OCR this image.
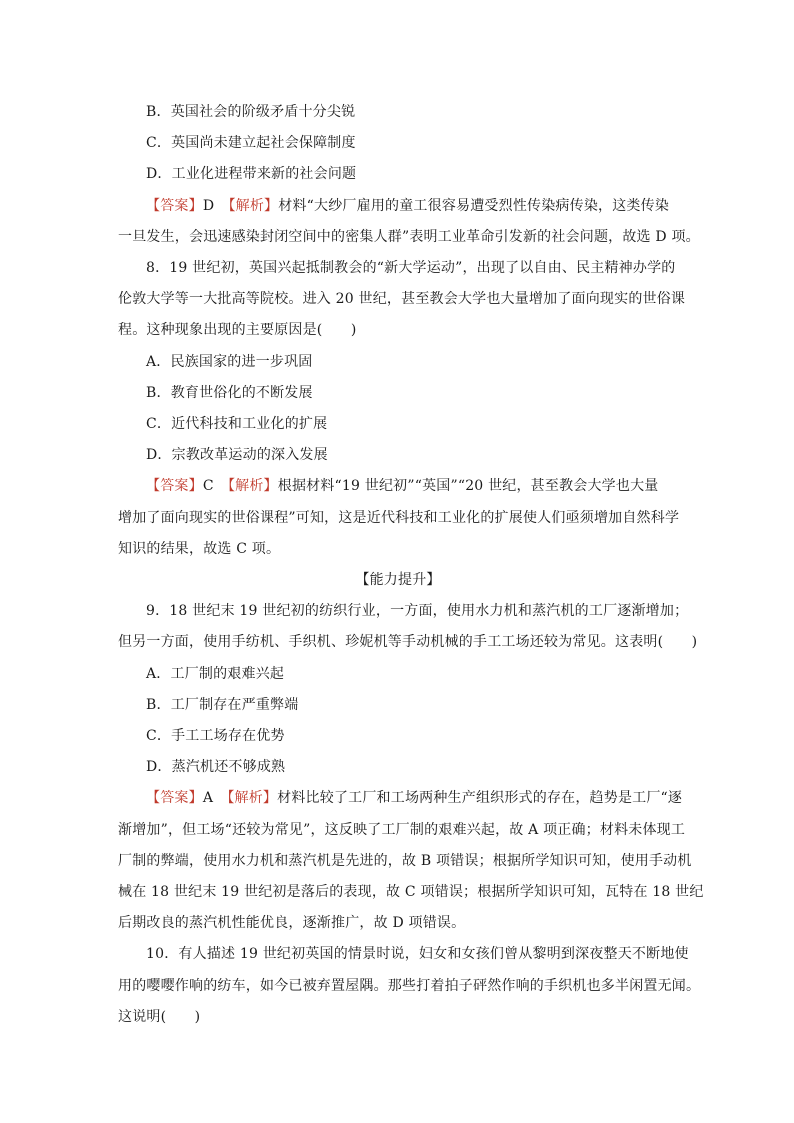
B．英国社会的阶级矛盾十分尖锐
C．英国尚未建立起社会保障制度
D．工业化进程带来新的社会问题
【答案】D　 【解析】材料“大纱厂雇用的童工很容易遭受烈性传染病传染，这类传染
一旦发生，会迅速感染封闭空间中的密集人群”表明工业革命引发新的社会问题，故选 D 项。
8．19 世纪初，英国兴起抵制教会的“新大学运动”，出现了以自由、民主精神办学的
伦敦大学等一大批高等院校。进入 20 世纪，甚至教会大学也大量增加了面向现实的世俗课
程。这种现象出现的主要原因是(　　)
A．民族国家的进一步巩固
B．教育世俗化的不断发展
C．近代科技和工业化的扩展
D．宗教改革运动的深入发展
【答案】C　 【解析】根据材料“19 世纪初”“英国”“20 世纪，甚至教会大学也大量
增加了面向现实的世俗课程”可知，这是近代科技和工业化的扩展使人们亟须增加自然科学
知识的结果，故选 C 项。
【能力提升】
9．18 世纪末 19 世纪初的纺织行业，一方面，使用水力机和蒸汽机的工厂逐渐增加；
但另一方面，使用手纺机、手织机、珍妮机等手动机械的手工工场还较为常见。这表明(　　)
A．工厂制的艰难兴起
B．工厂制存在严重弊端
C．手工工场存在优势
D．蒸汽机还不够成熟
【答案】A　 【解析】材料比较了工厂和工场两种生产组织形式的存在，趋势是工厂“逐
渐增加”，但工场“还较为常见”，这反映了工厂制的艰难兴起，故 A 项正确；材料未体现工
厂制的弊端，使用水力机和蒸汽机是先进的，故 B 项错误；根据所学知识可知，使用手动机
械在 18 世纪末 19 世纪初是落后的表现，故 C 项错误；根据所学知识可知，瓦特在 18 世纪
后期改良的蒸汽机性能优良，逐渐推广，故 D 项错误。
10．有人描述 19 世纪初英国的情景时说，妇女和女孩们曾从黎明到深夜整天不断地使
用的嘤嘤作响的纺车，如今已被弃置屋隅。那些打着拍子砰然作响的手织机也多半闲置无闻。
这说明(　　)
